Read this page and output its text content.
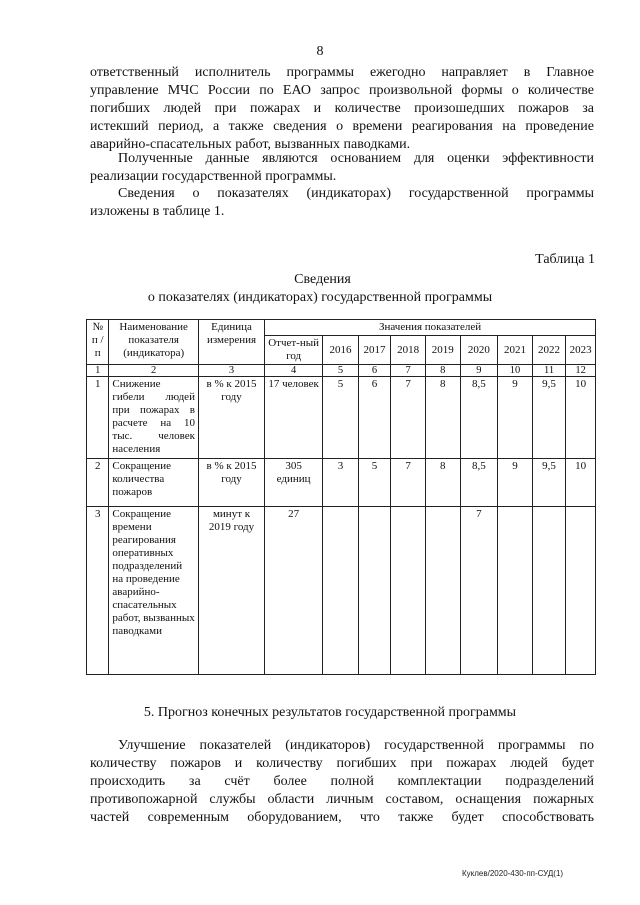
8

ответственный исполнитель программы ежегодно направляет в Главное
управление МЧС России по ЕАО запрос произвольной формы о количестве
погибших людей при пожарах и количестве произошедших пожаров за
истекший период, а также сведения о времени реагирования на проведение
аварийно-спасательных работ, вызванных паводками.

Полученные данные являются основанием для оценки эффективности
реализации государственной программы.

Сведения о показателях (индикаторах) государственной программы
изложены в таблице 1.

Таблица 1
Сведения
о показателях (индикаторах) государственной программы
№ п /п	Наименование показателя (индикатора)	Единица измерения	Значения показателей								
			Отчет-ный год	2016	2017	2018	2019	2020	2021	2022	2023
1	2	3	4	5	6	7	8	9	10	11	12
1	Снижение гибели людей при пожарах в расчете на 10 тыс. человек населения	в % к 2015 году	17 человек	5	6	7	8	8,5	9	9,5	10
2	Сокращение количества пожаров	в % к 2015 году	305 единиц	3	5	7	8	8,5	9	9,5	10
3	Сокращение времени реагирования оперативных подразделений на проведение аварийно-спасательных работ, вызванных паводками	минут к 2019 году	27					7			
5. Прогноз конечных результатов государственной программы

Улучшение показателей (индикаторов) государственной программы по
количеству пожаров и количеству погибших при пожарах людей будет
происходить за счёт более полной комплектации подразделений
противопожарной службы области личным составом, оснащения пожарных
частей современным оборудованием, что также будет способствовать

Куклев/2020-430-пп-СУД(1)
